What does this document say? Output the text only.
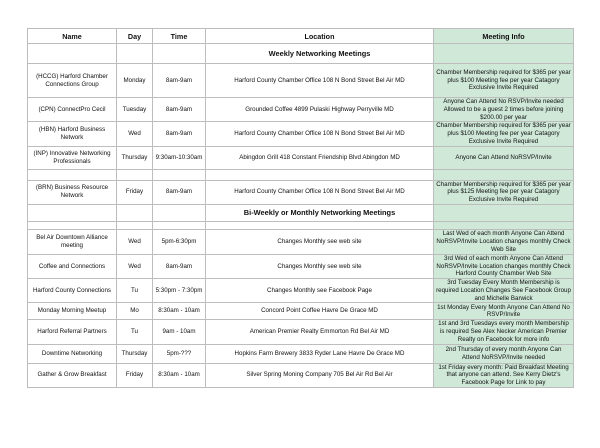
Name	Day	Time	Location	Meeting Info
			Weekly Networking Meetings	
(HCCG) Harford Chamber Connections Group	Monday	8am-9am	Harford County Chamber Office 108 N Bond Street Bel Air MD	Chamber Membership required for $365 per year plus $100 Meeting fee per year Catagory Exclusive Invite Required
(CPN) ConnectPro Cecil	Tuesday	8am-9am	Grounded Coffee 4899 Pulaski Highway Perryville MD	Anyone Can Attend No RSVP/Invite needed Allowed to be a guest 2 times before joining $200.00 per year
(HBN) Harford Business Network	Wed	8am-9am	Harford County Chamber Office 108 N Bond Street Bel Air MD	Chamber Membership required for $365 per year plus $100 Meeting fee per year Catagory Exclusive Invite Required
(INP) Innovative Networking Professionals	Thursday	9:30am-10:30am	Abingdon Grill 418 Constant Friendship Blvd Abingdon MD	Anyone Can Attend NoRSVP/Invite

(BRN) Business Resource Network	Friday	8am-9am	Harford County Chamber Office 108 N Bond Street Bel Air MD	Chamber Membership required for $365 per year plus $125 Meeting fee per year Catagory Exclusive Invite Required
			Bi-Weekly or Monthly Networking Meetings	

Bel Air Downtown Alliance meeting	Wed	5pm-6:30pm	Changes Monthly see web site	Last Wed of each month Anyone Can Attend NoRSVP/Invite Location changes monthly Check Web Site
Coffee and Connections	Wed	8am-9am	Changes Monthly see web site	3rd Wed of each month Anyone Can Attend NoRSVP/Invite Location changes monthly Check Harford County Chamber Web Site
Harford County Connections	Tu	5:30pm - 7:30pm	Changes Monthly see Facebook Page	3rd Tuesday Every Month Membership is required Location Changes See Facebook Group and Michelle Barwick
Monday Morning Meetup	Mo	8:30am - 10am	Concord Point Coffee Havre De Grace MD	1st Monday Every Month Anyone Can Attend No RSVP/Invite
Harford Referral Partners	Tu	9am - 10am	American Premier Realty Emmorton Rd Bel Air MD	1st and 3rd Tuesdays every month Membership is required See Alex Necker American Premier Realty on Facebook for more info
Downtime Networking	Thursday	5pm-???	Hopkins Farm Brewery 3833 Ryder Lane Havre De Grace MD	2nd Thursday of every month Anyone Can Attend NoRSVP/Invite needed
Gather & Grow Breakfast	Friday	8:30am - 10am	Silver Spring Moning Company 705 Bel Air Rd Bel Air	1st Friday every month: Paid Breakfast Meeting that anyone can attend. See Kerry Dietz's Facebook Page for Link to pay
